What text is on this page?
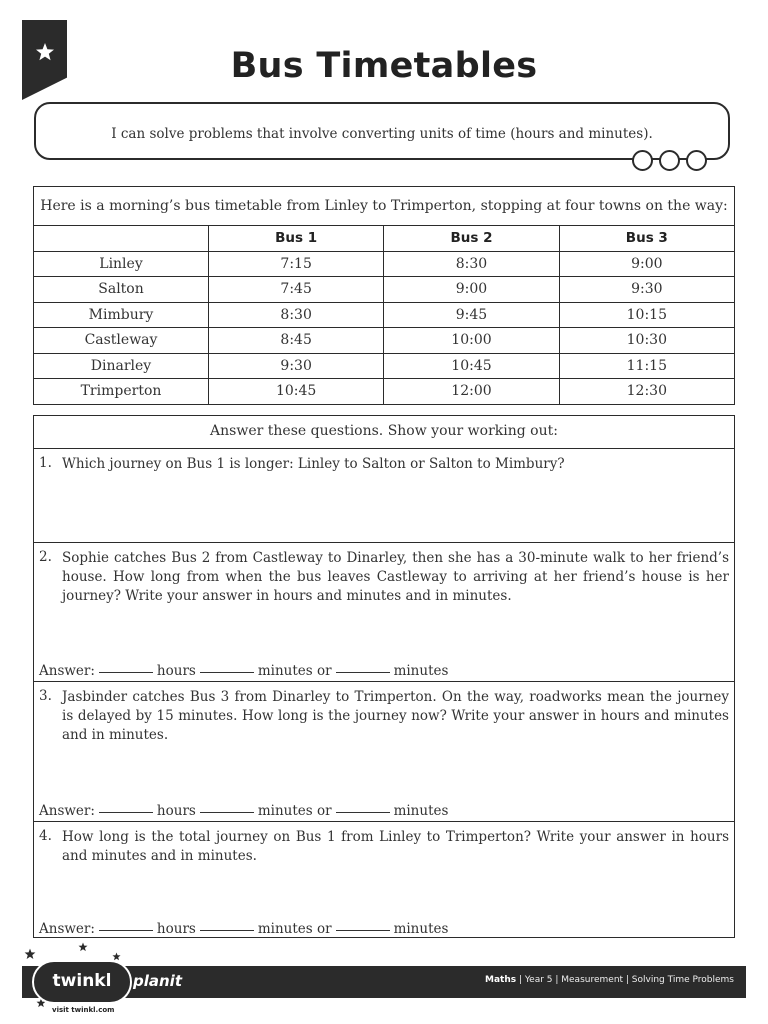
Bus Timetables
I can solve problems that involve converting units of time (hours and minutes).
Here is a morning’s bus timetable from Linley to Trimperton, stopping at four towns on the way:			
	Bus 1	Bus 2	Bus 3
Linley	7:15	8:30	9:00
Salton	7:45	9:00	9:30
Mimbury	8:30	9:45	10:15
Castleway	8:45	10:00	10:30
Dinarley	9:30	10:45	11:15
Trimperton	10:45	12:00	12:30
Answer these questions. Show your working out:
1. Which journey on Bus 1 is longer: Linley to Salton or Salton to Mimbury?
2. Sophie catches Bus 2 from Castleway to Dinarley, then she has a 30-minute walk to her friend’s house. How long from when the bus leaves Castleway to arriving at her friend’s house is her journey? Write your answer in hours and minutes and in minutes.
Answer:	hours	minutes or	minutes
3. Jasbinder catches Bus 3 from Dinarley to Trimperton. On the way, roadworks mean the journey is delayed by 15 minutes. How long is the journey now? Write your answer in hours and minutes and in minutes.
Answer:	hours	minutes or	minutes
4. How long is the total journey on Bus 1 from Linley to Trimperton? Write your answer in hours and minutes and in minutes.
Answer:	hours	minutes or	minutes
Maths | Year 5 | Measurement | Solving Time Problems
twinkl	planit
visit twinkl.com
